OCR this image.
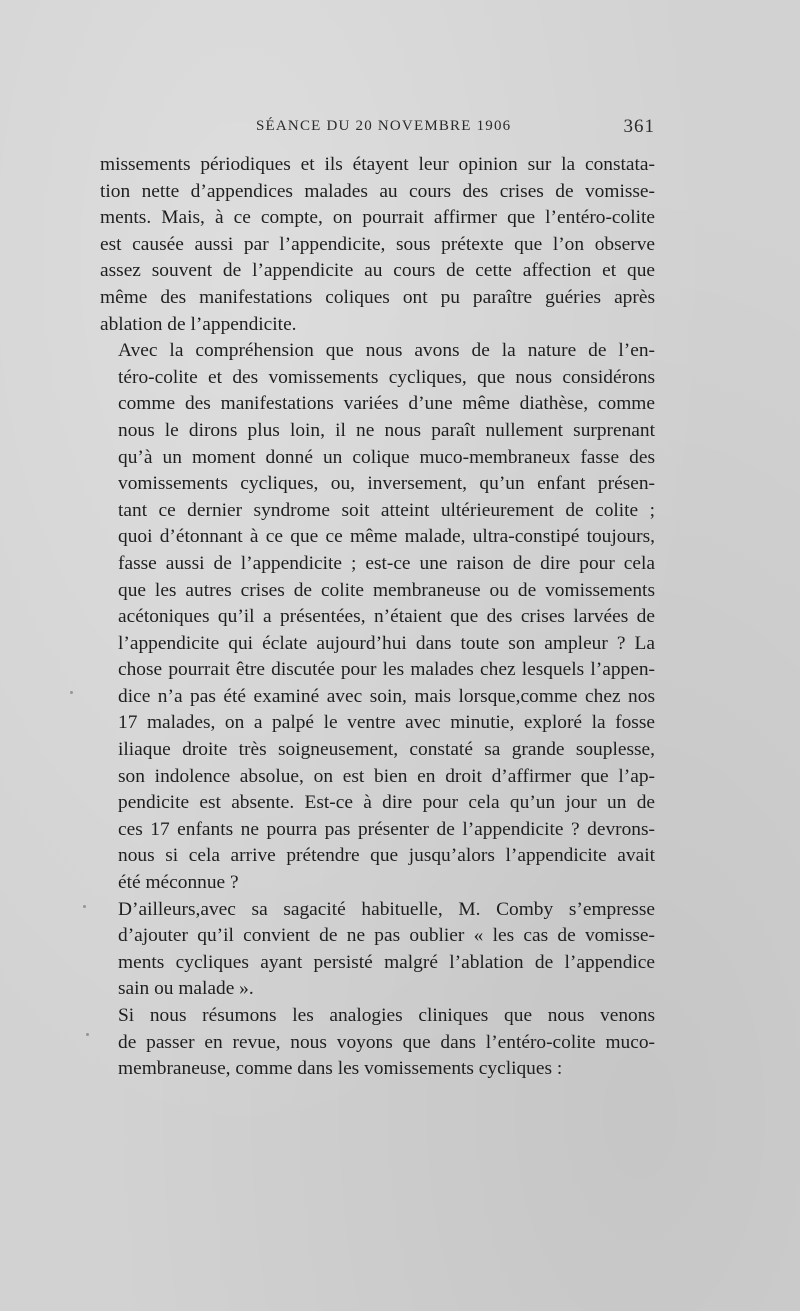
SÉANCE DU 20 NOVEMBRE 1906	361

missements périodiques et ils étayent leur opinion sur la constata-
tion nette d’appendices malades au cours des crises de vomisse-
ments. Mais, à ce compte, on pourrait affirmer que l’entéro-colite
est causée aussi par l’appendicite, sous prétexte que l’on observe
assez souvent de l’appendicite au cours de cette affection et que
même des manifestations coliques ont pu paraître guéries après
ablation de l’appendicite.

Avec la compréhension que nous avons de la nature de l’en-
téro-colite et des vomissements cycliques, que nous considérons
comme des manifestations variées d’une même diathèse, comme
nous le dirons plus loin, il ne nous paraît nullement surprenant
qu’à un moment donné un colique muco-membraneux fasse des
vomissements cycliques, ou, inversement, qu’un enfant présen-
tant ce dernier syndrome soit atteint ultérieurement de colite ;
quoi d’étonnant à ce que ce même malade, ultra-constipé toujours,
fasse aussi de l’appendicite ; est-ce une raison de dire pour cela
que les autres crises de colite membraneuse ou de vomissements
acétoniques qu’il a présentées, n’étaient que des crises larvées de
l’appendicite qui éclate aujourd’hui dans toute son ampleur ? La
chose pourrait être discutée pour les malades chez lesquels l’appen-
dice n’a pas été examiné avec soin, mais lorsque,comme chez nos
17 malades, on a palpé le ventre avec minutie, exploré la fosse
iliaque droite très soigneusement, constaté sa grande souplesse,
son indolence absolue, on est bien en droit d’affirmer que l’ap-
pendicite est absente. Est-ce à dire pour cela qu’un jour un de
ces 17 enfants ne pourra pas présenter de l’appendicite ? devrons-
nous si cela arrive prétendre que jusqu’alors l’appendicite avait
été méconnue ?

D’ailleurs,avec sa sagacité habituelle, M. Comby s’empresse
d’ajouter qu’il convient de ne pas oublier « les cas de vomisse-
ments cycliques ayant persisté malgré l’ablation de l’appendice
sain ou malade ».

Si nous résumons les analogies cliniques que nous venons
de passer en revue, nous voyons que dans l’entéro-colite muco-
membraneuse, comme dans les vomissements cycliques :
